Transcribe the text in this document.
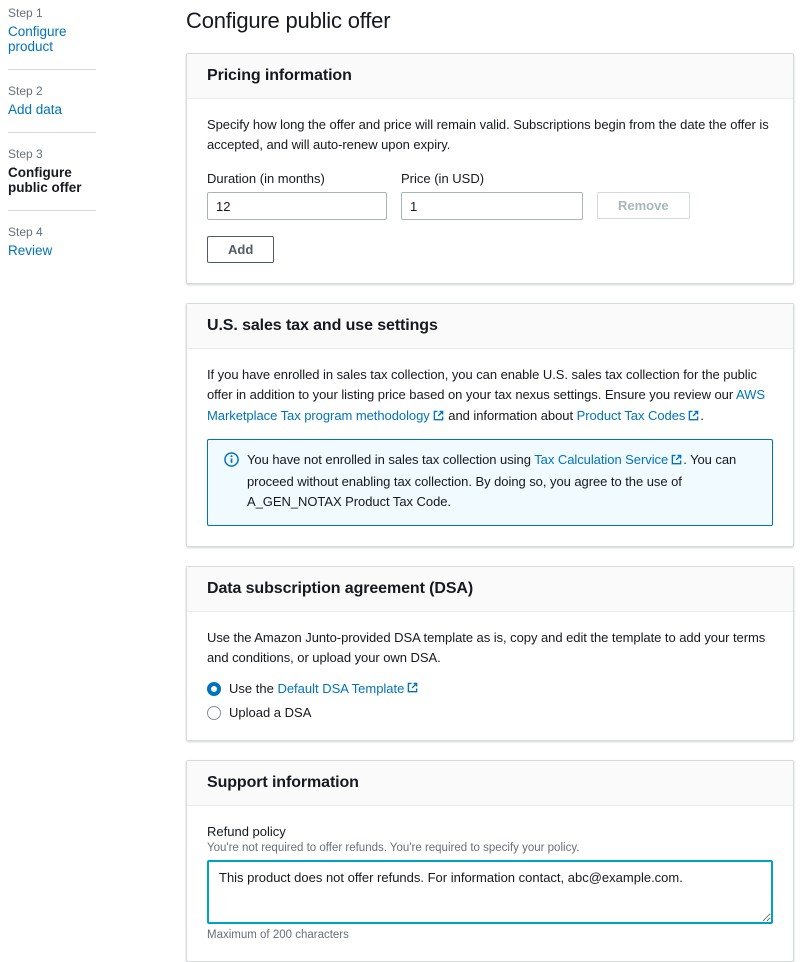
Step 1
Configure product
Step 2
Add data
Step 3
Configure public offer
Step 4
Review
Configure public offer
Pricing information

Specify how long the offer and price will remain valid. Subscriptions begin from the date the offer is accepted, and will auto-renew upon expiry.

Duration (in months)
12	Price (in USD)
1
Remove
Add
U.S. sales tax and use settings

If you have enrolled in sales tax collection, you can enable U.S. sales tax collection for the public offer in addition to your listing price based on your tax nexus settings. Ensure you review our AWS Marketplace Tax program methodology and information about Product Tax Codes .

You have not enrolled in sales tax collection using Tax Calculation Service . You can proceed without enabling tax collection. By doing so, you agree to the use of A_GEN_NOTAX Product Tax Code.

Data subscription agreement (DSA)

Use the Amazon Junto-provided DSA template as is, copy and edit the template to add your terms and conditions, or upload your own DSA.

Use the
Default DSA Template
Upload a DSA
Support information
Refund policy
You're not required to offer refunds. You're required to specify your policy.
This product does not offer refunds. For information contact, abc@example.com.
Maximum of 200 characters
